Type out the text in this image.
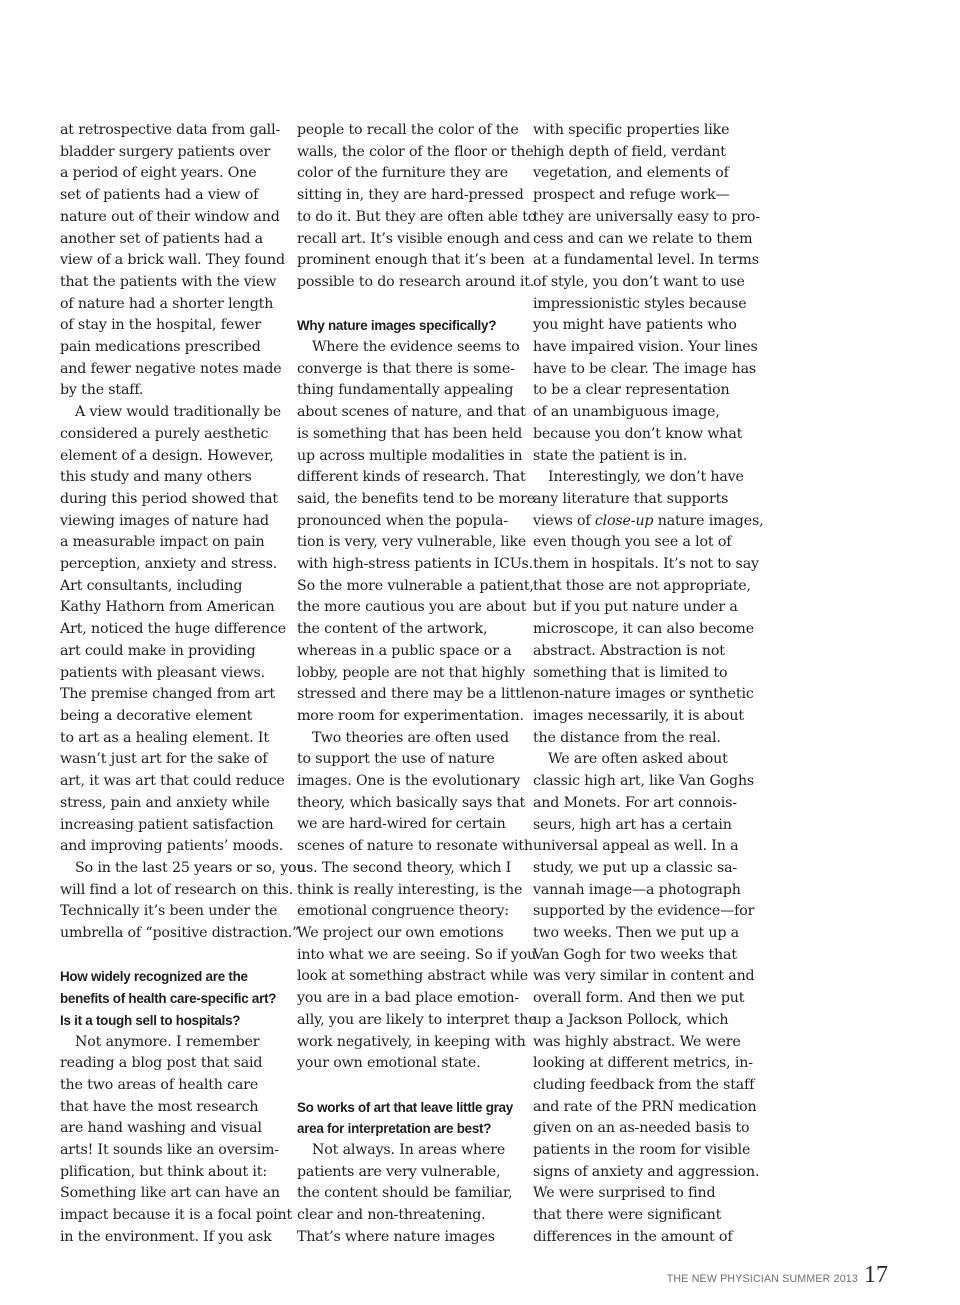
at retrospective data from gall-
bladder surgery patients over
a period of eight years. One
set of patients had a view of
nature out of their window and
another set of patients had a
view of a brick wall. They found
that the patients with the view
of nature had a shorter length
of stay in the hospital, fewer
pain medications prescribed
and fewer negative notes made
by the staff.
A view would traditionally be
considered a purely aesthetic
element of a design. However,
this study and many others
during this period showed that
viewing images of nature had
a measurable impact on pain
perception, anxiety and stress.
Art consultants, including
Kathy Hathorn from American
Art, noticed the huge difference
art could make in providing
patients with pleasant views.
The premise changed from art
being a decorative element
to art as a healing element. It
wasn’t just art for the sake of
art, it was art that could reduce
stress, pain and anxiety while
increasing patient satisfaction
and improving patients’ moods.
So in the last 25 years or so, you
will find a lot of research on this.
Technically it’s been under the
umbrella of “positive distraction.”
How widely recognized are the
benefits of health care-specific art?
Is it a tough sell to hospitals?
Not anymore. I remember
reading a blog post that said
the two areas of health care
that have the most research
are hand washing and visual
arts! It sounds like an oversim-
plification, but think about it:
Something like art can have an
impact because it is a focal point
in the environment. If you ask
people to recall the color of the
walls, the color of the floor or the
color of the furniture they are
sitting in, they are hard-pressed
to do it. But they are often able to
recall art. It’s visible enough and
prominent enough that it’s been
possible to do research around it.
Why nature images specifically?
Where the evidence seems to
converge is that there is some-
thing fundamentally appealing
about scenes of nature, and that
is something that has been held
up across multiple modalities in
different kinds of research. That
said, the benefits tend to be more
pronounced when the popula-
tion is very, very vulnerable, like
with high-stress patients in ICUs.
So the more vulnerable a patient,
the more cautious you are about
the content of the artwork,
whereas in a public space or a
lobby, people are not that highly
stressed and there may be a little
more room for experimentation.
Two theories are often used
to support the use of nature
images. One is the evolutionary
theory, which basically says that
we are hard-wired for certain
scenes of nature to resonate with
us. The second theory, which I
think is really interesting, is the
emotional congruence theory:
We project our own emotions
into what we are seeing. So if you
look at something abstract while
you are in a bad place emotion-
ally, you are likely to interpret the
work negatively, in keeping with
your own emotional state.
So works of art that leave little gray
area for interpretation are best?
Not always. In areas where
patients are very vulnerable,
the content should be familiar,
clear and non-threatening.
That’s where nature images
with specific properties like
high depth of field, verdant
vegetation, and elements of
prospect and refuge work—
they are universally easy to pro-
cess and can we relate to them
at a fundamental level. In terms
of style, you don’t want to use
impressionistic styles because
you might have patients who
have impaired vision. Your lines
have to be clear. The image has
to be a clear representation
of an unambiguous image,
because you don’t know what
state the patient is in.
Interestingly, we don’t have
any literature that supports
views of close-up nature images,
even though you see a lot of
them in hospitals. It’s not to say
that those are not appropriate,
but if you put nature under a
microscope, it can also become
abstract. Abstraction is not
something that is limited to
non-nature images or synthetic
images necessarily, it is about
the distance from the real.
We are often asked about
classic high art, like Van Goghs
and Monets. For art connois-
seurs, high art has a certain
universal appeal as well. In a
study, we put up a classic sa-
vannah image—a photograph
supported by the evidence—for
two weeks. Then we put up a
Van Gogh for two weeks that
was very similar in content and
overall form. And then we put
up a Jackson Pollock, which
was highly abstract. We were
looking at different metrics, in-
cluding feedback from the staff
and rate of the PRN medication
given on an as-needed basis to
patients in the room for visible
signs of anxiety and aggression.
We were surprised to find
that there were significant
differences in the amount of
THE NEW PHYSICIAN SUMMER 2013 17
